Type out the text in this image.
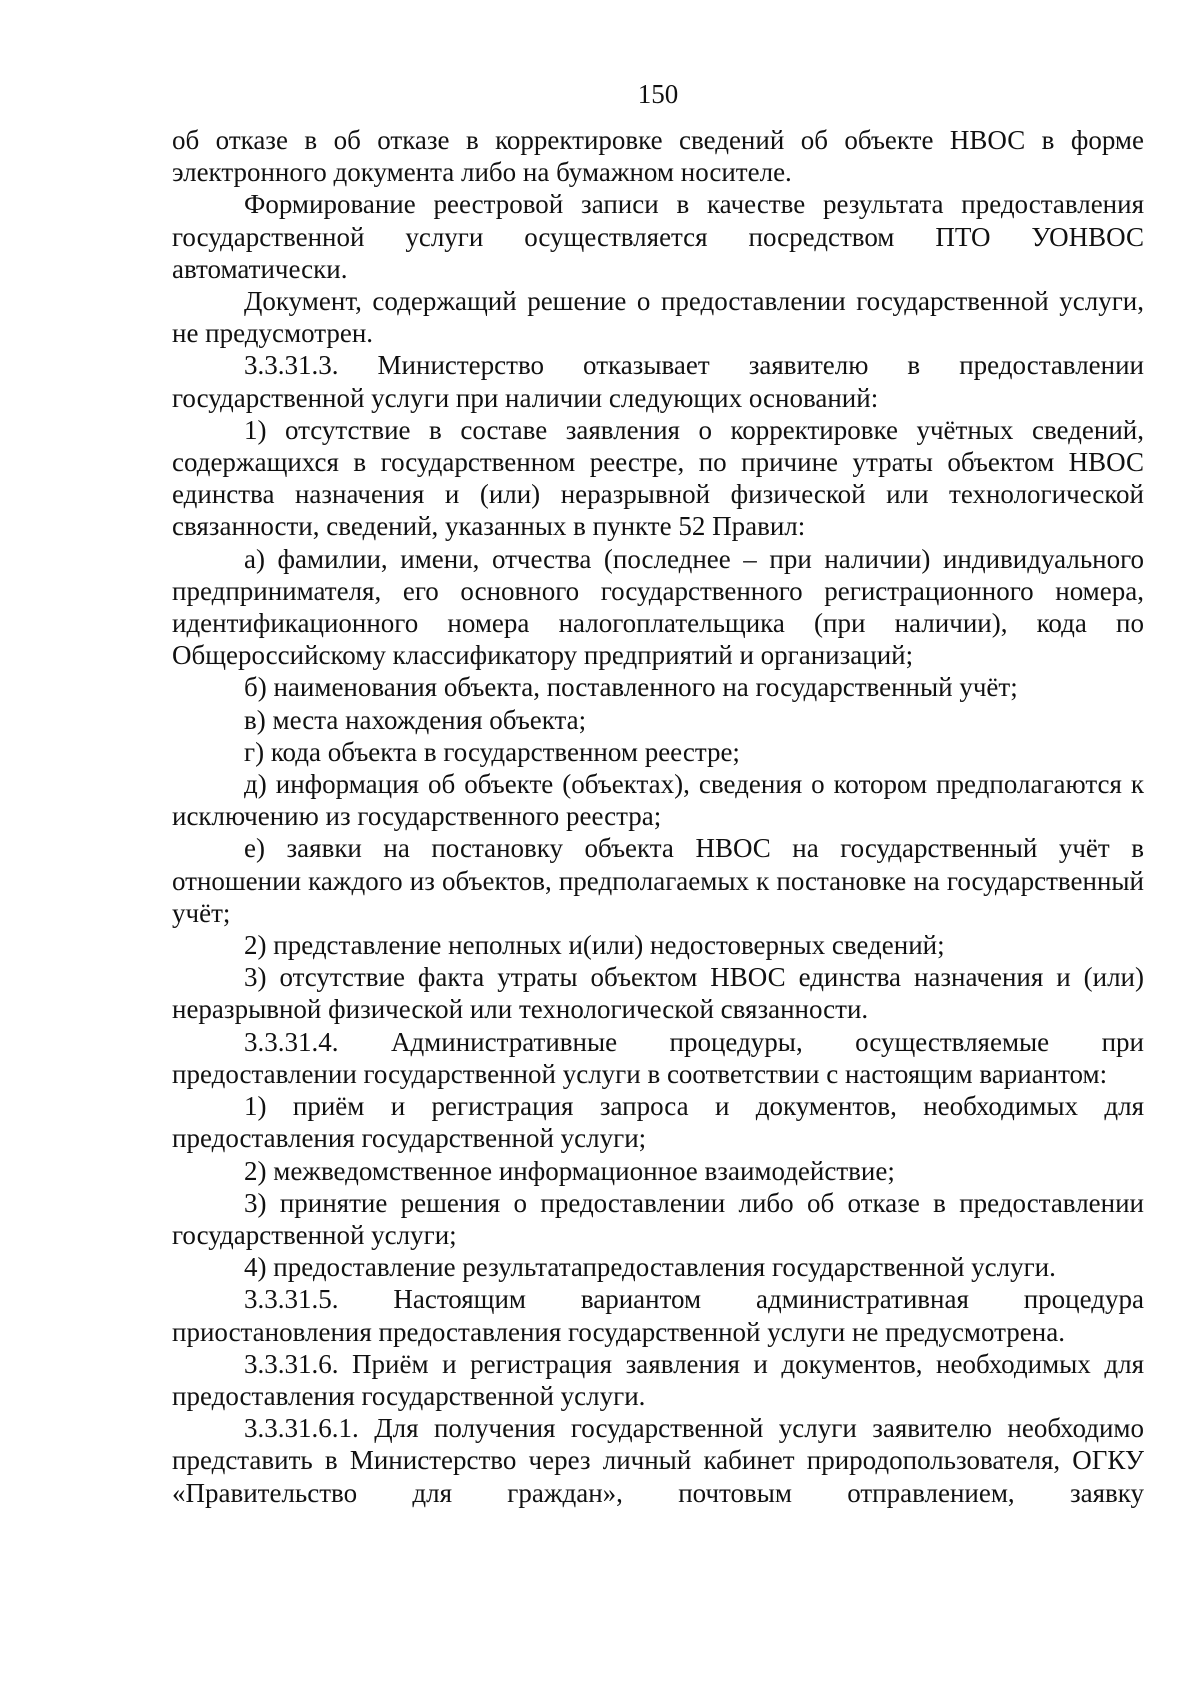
150

об отказе в об отказе в корректировке сведений об объекте НВОС в форме электронного документа либо на бумажном носителе.

Формирование реестровой записи в качестве результата предоставления государственной услуги осуществляется посредством ПТО УОНВОС автоматически.

Документ, содержащий решение о предоставлении государственной услуги, не предусмотрен.

3.3.31.3. Министерство отказывает заявителю в предоставлении государственной услуги при наличии следующих оснований:

1) отсутствие в составе заявления о корректировке учётных сведений, содержащихся в государственном реестре, по причине утраты объектом НВОС единства назначения и (или) неразрывной физической или технологической связанности, сведений, указанных в пункте 52 Правил:

а) фамилии, имени, отчества (последнее – при наличии) индивидуального предпринимателя, его основного государственного регистрационного номера, идентификационного номера налогоплательщика (при наличии), кода по Общероссийскому классификатору предприятий и организаций;

б) наименования объекта, поставленного на государственный учёт;

в) места нахождения объекта;

г) кода объекта в государственном реестре;

д) информация об объекте (объектах), сведения о котором предполагаются к исключению из государственного реестра;

е) заявки на постановку объекта НВОС на государственный учёт в отношении каждого из объектов, предполагаемых к постановке на государственный учёт;

2) представление неполных и(или) недостоверных сведений;

3) отсутствие факта утраты объектом НВОС единства назначения и (или) неразрывной физической или технологической связанности.

3.3.31.4. Административные процедуры, осуществляемые при предоставлении государственной услуги в соответствии с настоящим вариантом:

1) приём и регистрация запроса и документов, необходимых для предоставления государственной услуги;

2) межведомственное информационное взаимодействие;

3) принятие решения о предоставлении либо об отказе в предоставлении государственной услуги;

4) предоставление результатапредоставления государственной услуги.

3.3.31.5. Настоящим вариантом административная процедура приостановления предоставления государственной услуги не предусмотрена.

3.3.31.6. Приём и регистрация заявления и документов, необходимых для предоставления государственной услуги.

3.3.31.6.1. Для получения государственной услуги заявителю необходимо представить в Министерство через личный кабинет природопользователя, ОГКУ «Правительство для граждан», почтовым отправлением, заявку
